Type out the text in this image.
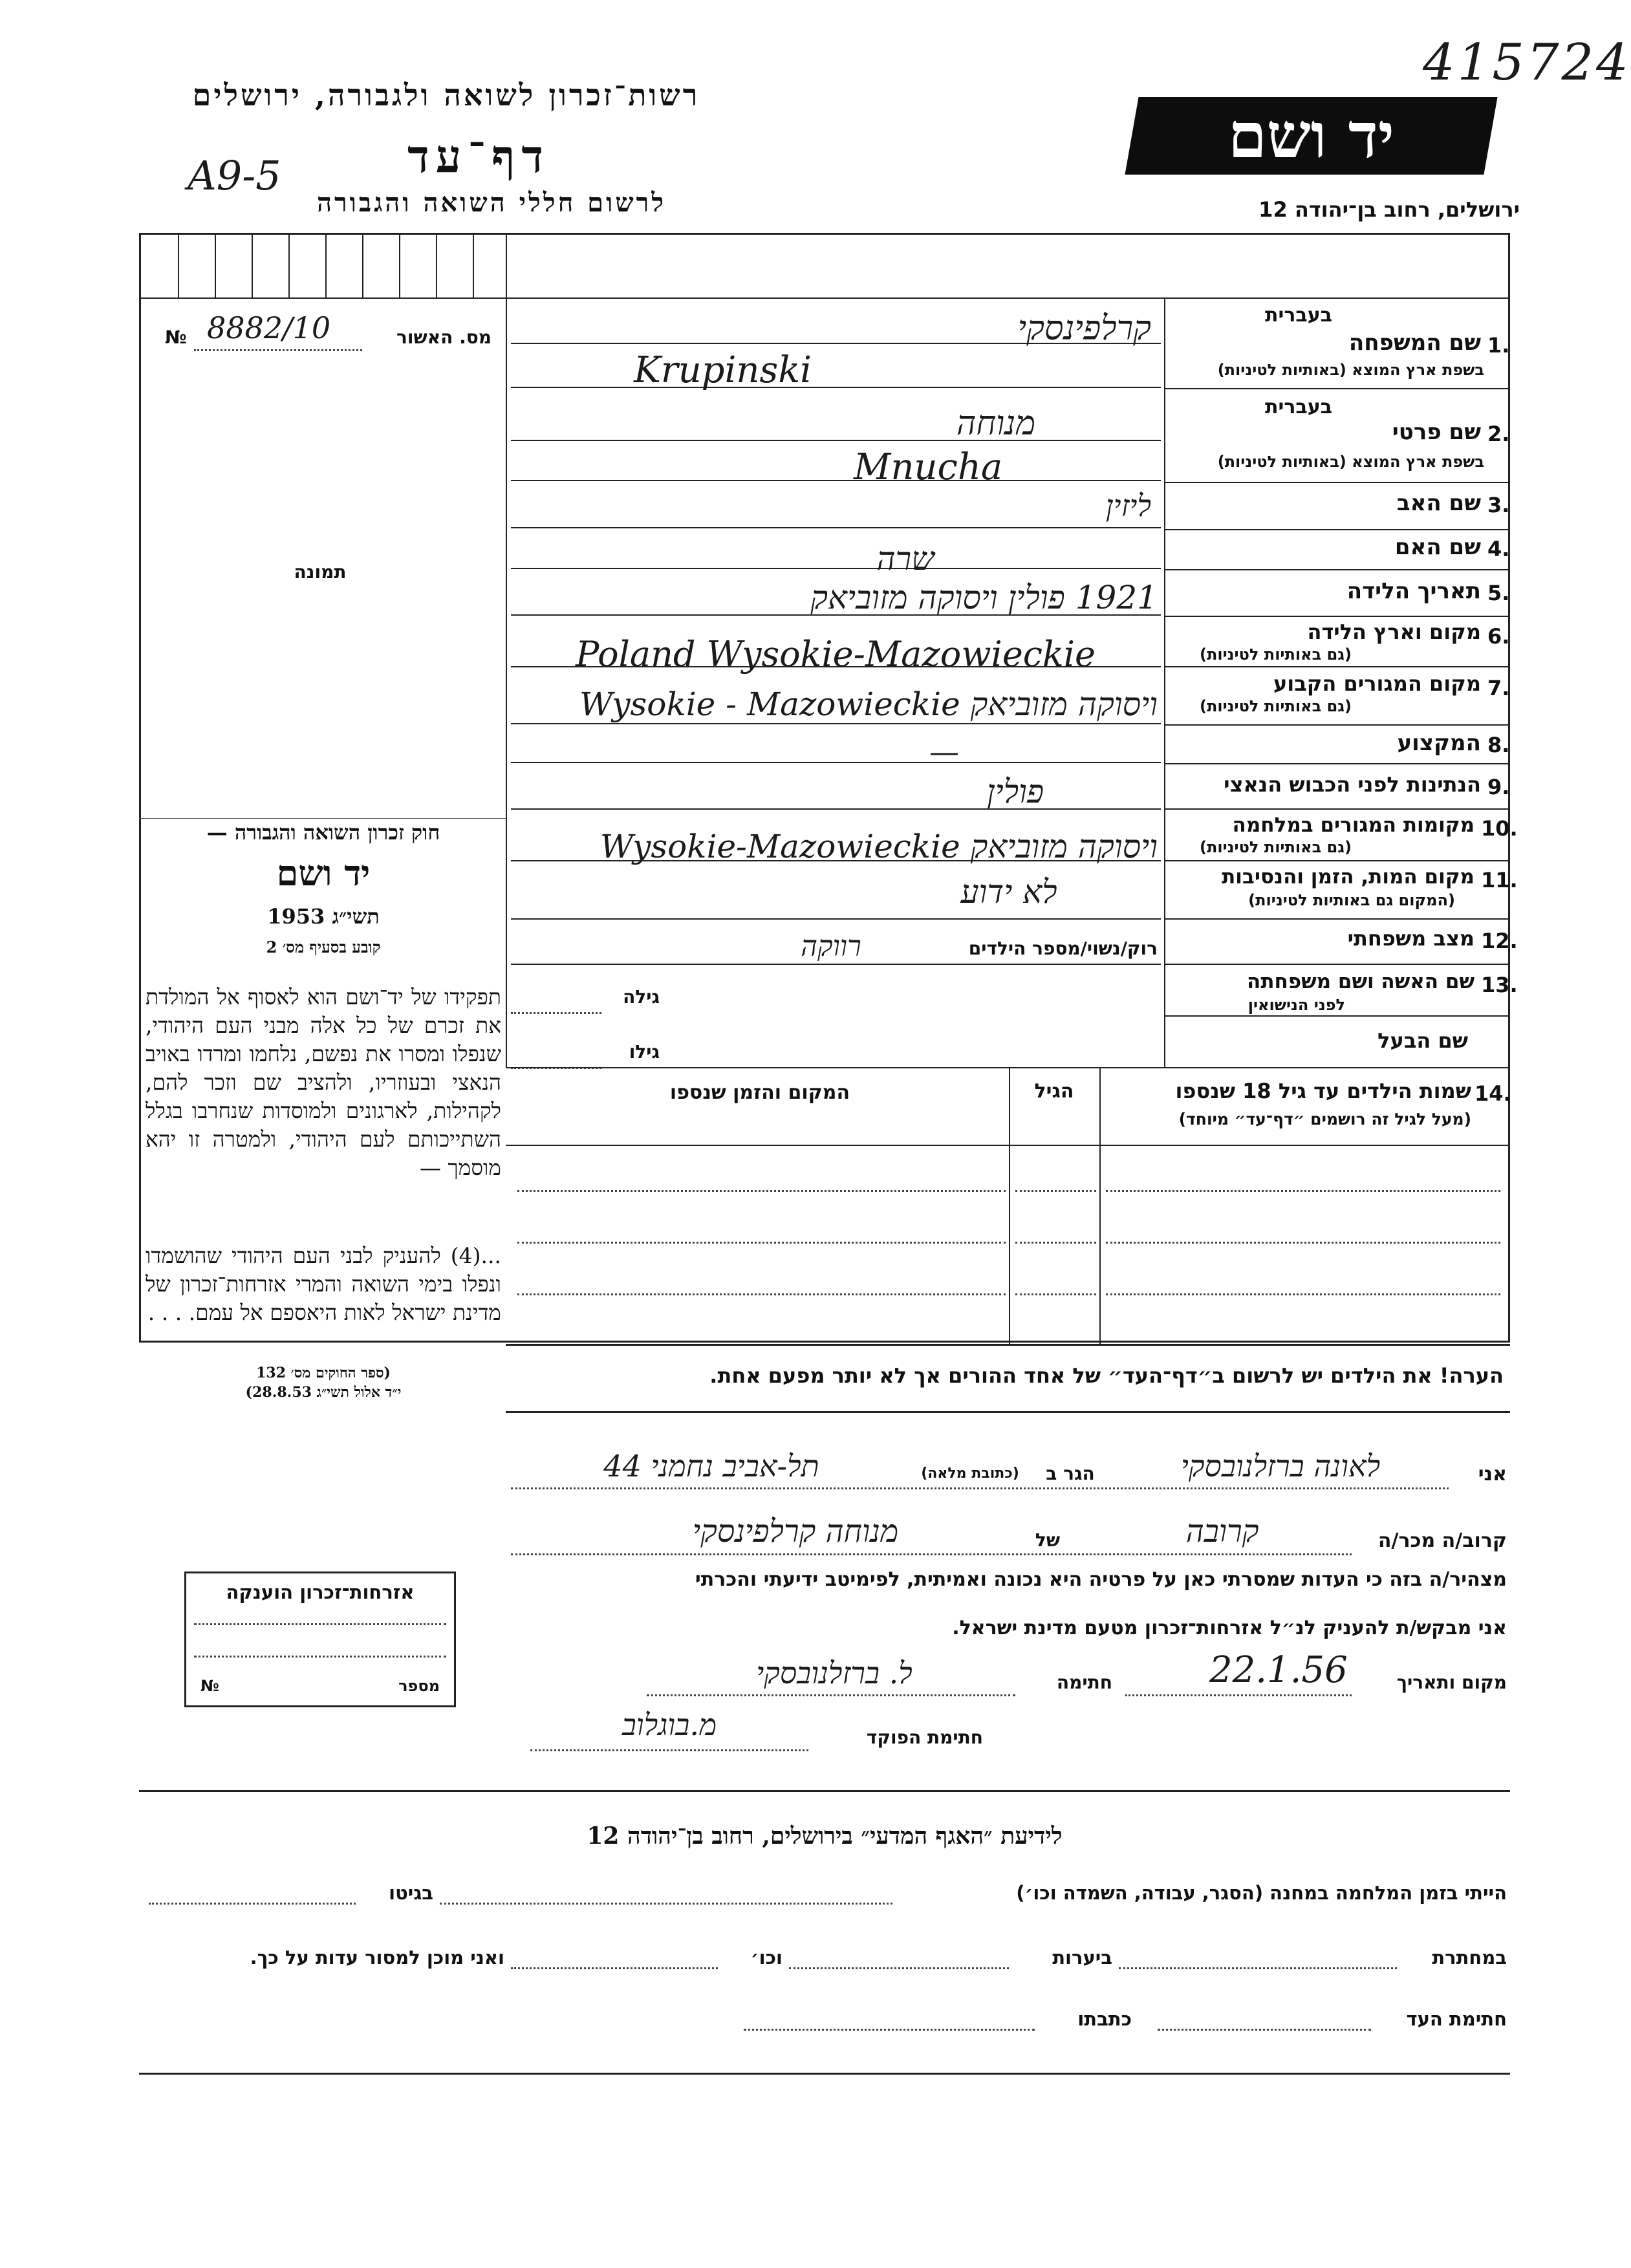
רשות־זכרון לשואה ולגבורה, ירושלים
דף־עד
A9-5
לרשום חללי השואה והגבורה
יד ושם
415724
ירושלים, רחוב בן־יהודה 12
№ 8882/10	מס. האשור
תמונה
בעברית
1.
שם המשפחה
בשפת ארץ המוצא (באותיות לטיניות)
בעברית
2.
שם פרטי
בשפת ארץ המוצא (באותיות לטיניות)
3.
שם האב
4.
שם האם
5.
תאריך הלידה
6.
מקום וארץ הלידה
(גם באותיות לטיניות)
7.
מקום המגורים הקבוע
(גם באותיות לטיניות)
8.
המקצוע
9.
הנתינות לפני הכבוש הנאצי
10.
מקומות המגורים במלחמה
(גם באותיות לטיניות)
11.
מקום המות, הזמן והנסיבות
(המקום גם באותיות לטיניות)
12.
מצב משפחתי
13.
שם האשה ושם משפחתה
לפני הנישואין
שם הבעל
קרלפינסקי
Krupinski
מנוחה
Mnucha
ליזין
שרה
1921 פולין ויסוקה מזוביאק
Poland Wysokie-Mazowieckie
Wysokie - Mazowieckie ויסוקה מזוביאק
—
פולין
Wysokie-Mazowieckie ויסוקה מזוביאק
לא ידוע
רוק/נשוי/מספר הילדים
רווקה
גילה
גילו
חוק זכרון השואה והגבורה —
יד ושם
תשי״ג 1953
קובע בסעיף מס׳ 2
תפקידו של יד־ושם הוא לאסוף אל המולדת את זכרם של כל אלה מבני העם היהודי, שנפלו ומסרו את נפשם, נלחמו ומרדו באויב הנאצי ובעוזריו, ולהציב שם וזכר להם, לקהילות, לארגונים ולמוסדות שנחרבו בגלל השתייכותם לעם היהודי, ולמטרה זו יהא מוסמך —
...(4) להעניק לבני העם היהודי שהושמדו ונפלו בימי השואה והמרי אזרחות־זכרון של מדינת ישראל לאות היאספם אל עמם. . . .
(ספר החוקים מס׳ 132
י״ד אלול תשי״ג 28.8.53)
14.
שמות הילדים עד גיל 18 שנספו
(מעל לגיל זה רושמים ״דף־עד״ מיוחד)
הגיל
המקום והזמן שנספו
הערה! את הילדים יש לרשום ב״דף־העד״ של אחד ההורים אך לא יותר מפעם אחת.
אזרחות־זכרון הוענקה
מספר
№
אני
לאונה ברזלנובסקי
הגר ב
(כתובת מלאה)
תל-אביב נחמני 44
קרוב/ה מכר/ה
קרובה
של
מנוחה קרלפינסקי
מצהיר/ה בזה כי העדות שמסרתי כאן על פרטיה היא נכונה ואמיתית, לפימיטב ידיעתי והכרתי
אני מבקש/ת להעניק לנ״ל אזרחות־זכרון מטעם מדינת ישראל.
מקום ותאריך
22.1.56
חתימה
ל. ברזלנובסקי
חתימת הפוקד
מ.בוגלוב
לידיעת ״האגף המדעי״ בירושלים, רחוב בן־יהודה 12
הייתי בזמן המלחמה במחנה (הסגר, עבודה, השמדה וכו׳)
בגיטו
במחתרת
ביערות
וכו׳
ואני מוכן למסור עדות על כך.
חתימת העד
כתבתו
